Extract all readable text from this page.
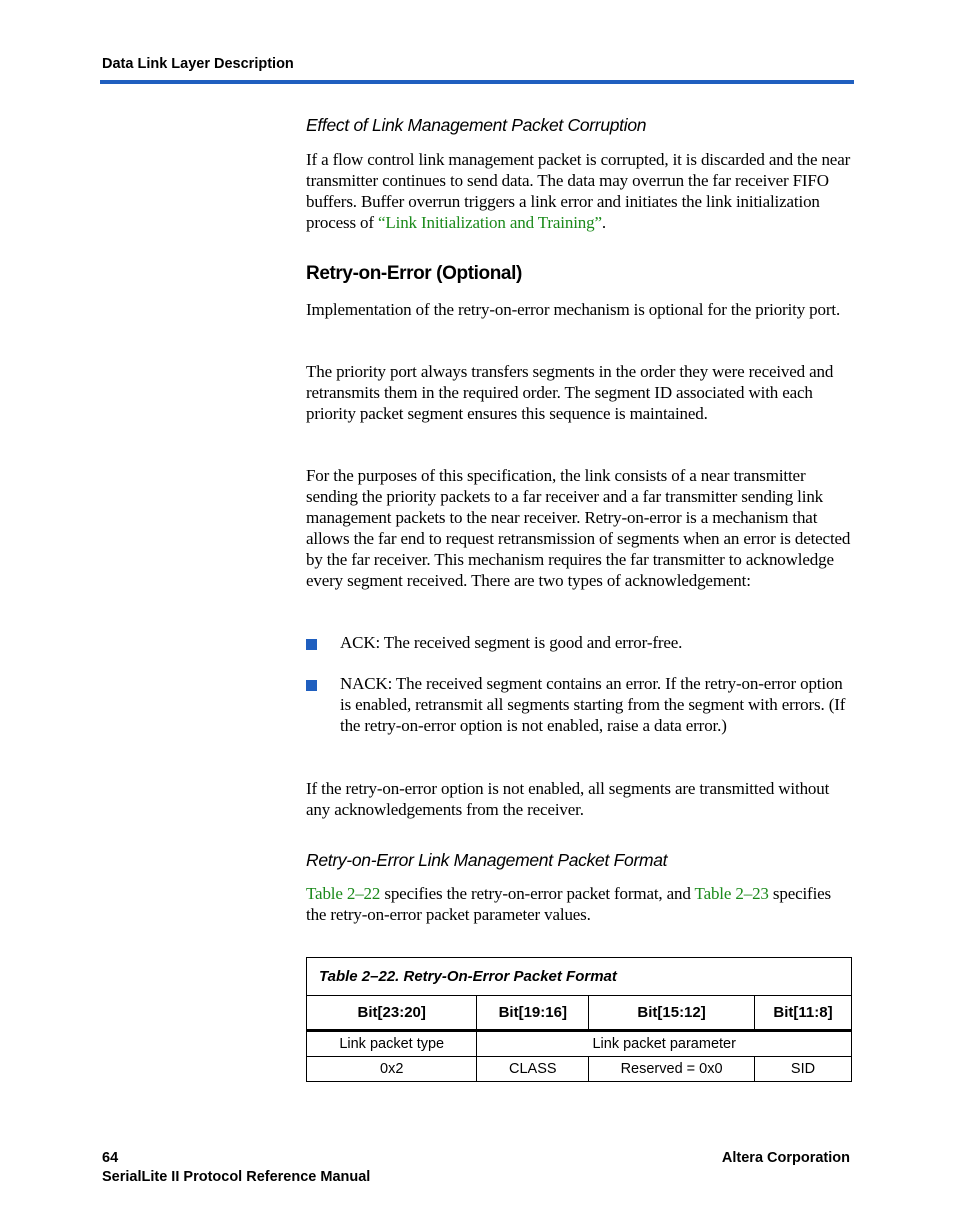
Data Link Layer Description
Effect of Link Management Packet Corruption
If a flow control link management packet is corrupted, it is discarded and the near transmitter continues to send data. The data may overrun the far receiver FIFO buffers. Buffer overrun triggers a link error and initiates the link initialization process of “Link Initialization and Training”.
Retry-on-Error (Optional)
Implementation of the retry-on-error mechanism is optional for the priority port.
The priority port always transfers segments in the order they were received and retransmits them in the required order. The segment ID associated with each priority packet segment ensures this sequence is maintained.
For the purposes of this specification, the link consists of a near transmitter sending the priority packets to a far receiver and a far transmitter sending link management packets to the near receiver. Retry-on-error is a mechanism that allows the far end to request retransmission of segments when an error is detected by the far receiver. This mechanism requires the far transmitter to acknowledge every segment received. There are two types of acknowledgement:
ACK: The received segment is good and error-free.
NACK: The received segment contains an error. If the retry-on-error option is enabled, retransmit all segments starting from the segment with errors. (If the retry-on-error option is not enabled, raise a data error.)
If the retry-on-error option is not enabled, all segments are transmitted without any acknowledgements from the receiver.
Retry-on-Error Link Management Packet Format
Table 2–22 specifies the retry-on-error packet format, and Table 2–23 specifies the retry-on-error packet parameter values.
Table 2–22. Retry-On-Error Packet Format			
Bit[23:20]	Bit[19:16]	Bit[15:12]	Bit[11:8]
Link packet type	Link packet parameter		
0x2	CLASS	Reserved = 0x0	SID
64
SerialLite II Protocol Reference Manual
Altera Corporation
